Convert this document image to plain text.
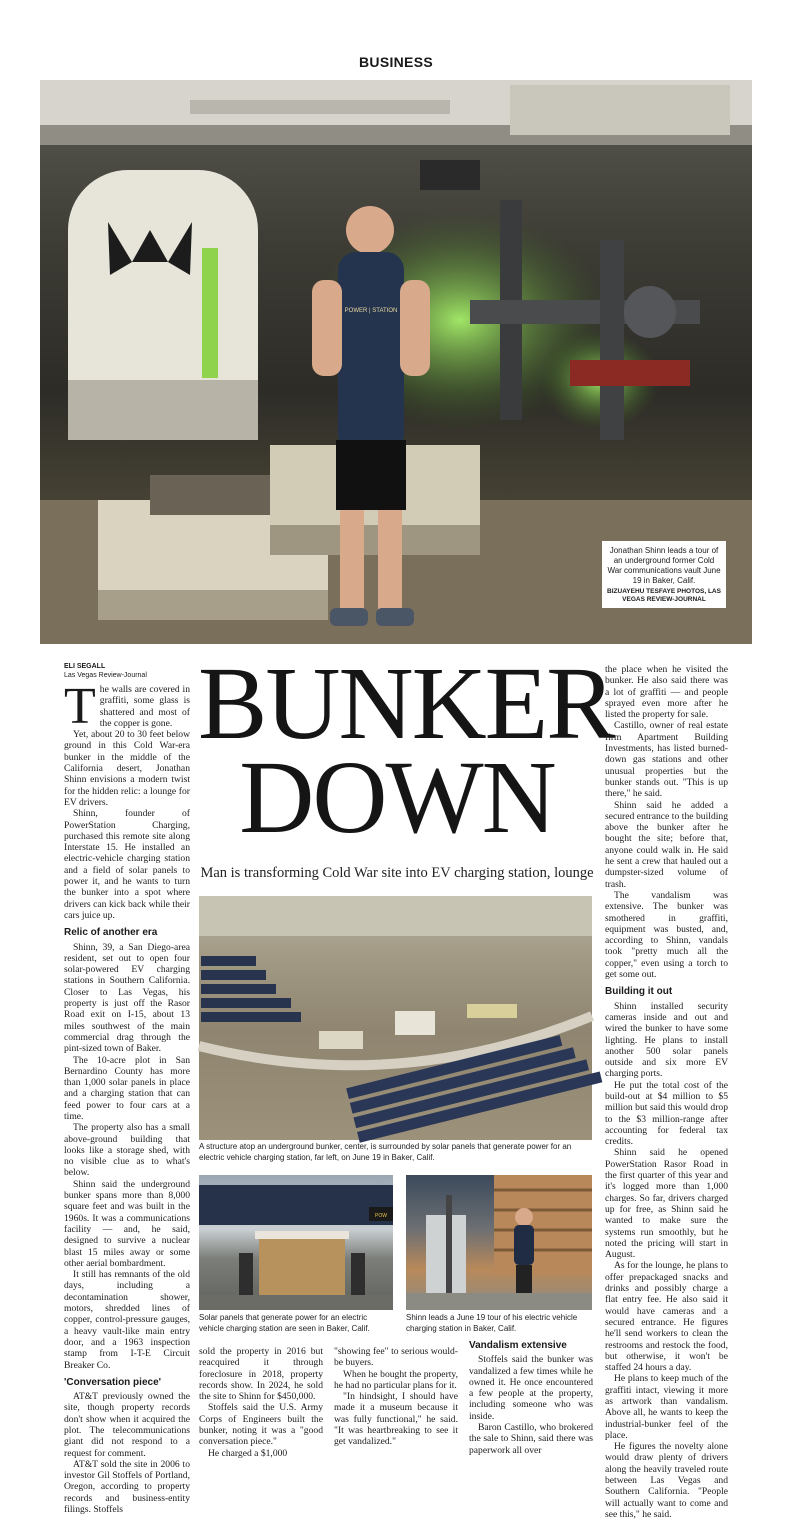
BUSINESS
POWER | STATION
Jonathan Shinn leads a tour of an underground former Cold War communications vault June 19 in Baker, Calif.
BIZUAYEHU TESFAYE PHOTOS, LAS VEGAS REVIEW-JOURNAL
ELI SEGALL
Las Vegas Review-Journal

The walls are covered in graffiti, some glass is shattered and most of the copper is gone.

Yet, about 20 to 30 feet below ground in this Cold War-era bunker in the middle of the California desert, Jonathan Shinn envisions a modern twist for the hidden relic: a lounge for EV drivers.

Shinn, founder of PowerStation Charging, purchased this remote site along Interstate 15. He installed an electric-vehicle charging station and a field of solar panels to power it, and he wants to turn the bunker into a spot where drivers can kick back while their cars juice up.

Relic of another era

Shinn, 39, a San Diego-area resident, set out to open four solar-powered EV charging stations in Southern California. Closer to Las Vegas, his property is just off the Rasor Road exit on I-15, about 13 miles southwest of the main commercial drag through the pint-sized town of Baker.

The 10-acre plot in San Bernardino County has more than 1,000 solar panels in place and a charging station that can feed power to four cars at a time.

The property also has a small above-ground building that looks like a storage shed, with no visible clue as to what's below.

Shinn said the underground bunker spans more than 8,000 square feet and was built in the 1960s. It was a communications facility — and, he said, designed to survive a nuclear blast 15 miles away or some other aerial bombardment.

It still has remnants of the old days, including a decontamination shower, motors, shredded lines of copper, control-pressure gauges, a heavy vault-like main entry door, and a 1963 inspection stamp from I-T-E Circuit Breaker Co.

'Conversation piece'

AT&T previously owned the site, though property records don't show when it acquired the plot. The telecommunications giant did not respond to a request for comment.

AT&T sold the site in 2006 to investor Gil Stoffels of Portland, Oregon, according to property records and business-entity filings. Stoffels

BUNKER
DOWN
Man is transforming Cold War site into EV charging station, lounge
A structure atop an underground bunker, center, is surrounded by solar panels that generate power for an electric vehicle charging station, far left, on June 19 in Baker, Calif.
POW
Solar panels that generate power for an electric vehicle charging station are seen in Baker, Calif.
Shinn leads a June 19 tour of his electric vehicle charging station in Baker, Calif.

sold the property in 2016 but reacquired it through foreclosure in 2018, property records show. In 2024, he sold the site to Shinn for $450,000.

Stoffels said the U.S. Army Corps of Engineers built the bunker, noting it was a "good conversation piece."

He charged a $1,000

"showing fee" to serious would-be buyers.

When he bought the property, he had no particular plans for it.

"In hindsight, I should have made it a museum because it was fully functional," he said. "It was heartbreaking to see it get vandalized."

Vandalism extensive

Stoffels said the bunker was vandalized a few times while he owned it. He once encountered a few people at the property, including someone who was inside.

Baron Castillo, who brokered the sale to Shinn, said there was paperwork all over

the place when he visited the bunker. He also said there was a lot of graffiti — and people sprayed even more after he listed the property for sale.

Castillo, owner of real estate firm Apartment Building Investments, has listed burned-down gas stations and other unusual properties but the bunker stands out. "This is up there," he said.

Shinn said he added a secured entrance to the building above the bunker after he bought the site; before that, anyone could walk in. He said he sent a crew that hauled out a dumpster-sized volume of trash.

The vandalism was extensive. The bunker was smothered in graffiti, equipment was busted, and, according to Shinn, vandals took "pretty much all the copper," even using a torch to get some out.

Building it out

Shinn installed security cameras inside and out and wired the bunker to have some lighting. He plans to install another 500 solar panels outside and six more EV charging ports.

He put the total cost of the build-out at $4 million to $5 million but said this would drop to the $3 million-range after accounting for federal tax credits.

Shinn said he opened PowerStation Rasor Road in the first quarter of this year and it's logged more than 1,000 charges. So far, drivers charged up for free, as Shinn said he wanted to make sure the systems run smoothly, but he noted the pricing will start in August.

As for the lounge, he plans to offer prepackaged snacks and drinks and possibly charge a flat entry fee. He also said it would have cameras and a secured entrance. He figures he'll send workers to clean the restrooms and restock the food, but otherwise, it won't be staffed 24 hours a day.

He plans to keep much of the graffiti intact, viewing it more as artwork than vandalism. Above all, he wants to keep the industrial-bunker feel of the place.

He figures the novelty alone would draw plenty of drivers along the heavily traveled route between Las Vegas and Southern California. "People will actually want to come and see this," he said.
